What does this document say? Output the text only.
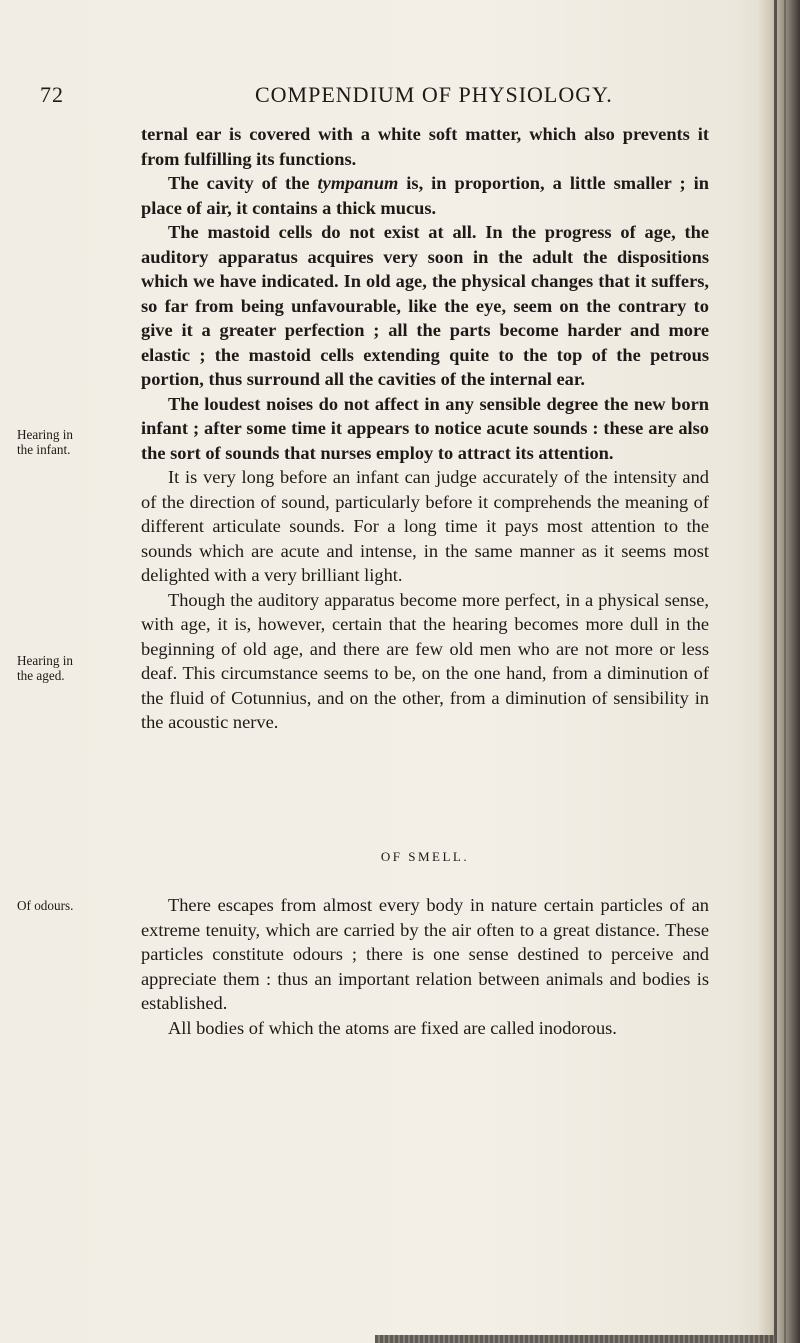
72	COMPENDIUM OF PHYSIOLOGY.
Hearing in
the infant.
Hearing in
the aged.
Of odours.

ternal ear is covered with a white soft matter, which also prevents it from fulfilling its functions.

The cavity of the tympanum is, in proportion, a little smaller ; in place of air, it contains a thick mucus.

The mastoid cells do not exist at all. In the progress of age, the auditory apparatus acquires very soon in the adult the dispositions which we have indicated. In old age, the physical changes that it suffers, so far from being unfavourable, like the eye, seem on the contrary to give it a greater perfection ; all the parts become harder and more elastic ; the mastoid cells extending quite to the top of the petrous portion, thus surround all the cavities of the internal ear.

The loudest noises do not affect in any sensible degree the new born infant ; after some time it appears to notice acute sounds : these are also the sort of sounds that nurses employ to attract its attention.

It is very long before an infant can judge accurately of the intensity and of the direction of sound, particularly before it comprehends the meaning of different articulate sounds. For a long time it pays most attention to the sounds which are acute and intense, in the same manner as it seems most delighted with a very brilliant light.

Though the auditory apparatus become more perfect, in a physical sense, with age, it is, however, certain that the hearing becomes more dull in the beginning of old age, and there are few old men who are not more or less deaf. This circumstance seems to be, on the one hand, from a diminution of the fluid of Cotunnius, and on the other, from a diminution of sensibility in the acoustic nerve.

OF SMELL.

There escapes from almost every body in nature certain particles of an extreme tenuity, which are carried by the air often to a great distance. These particles constitute odours ; there is one sense destined to perceive and appreciate them : thus an important relation between animals and bodies is established.

All bodies of which the atoms are fixed are called inodorous.
